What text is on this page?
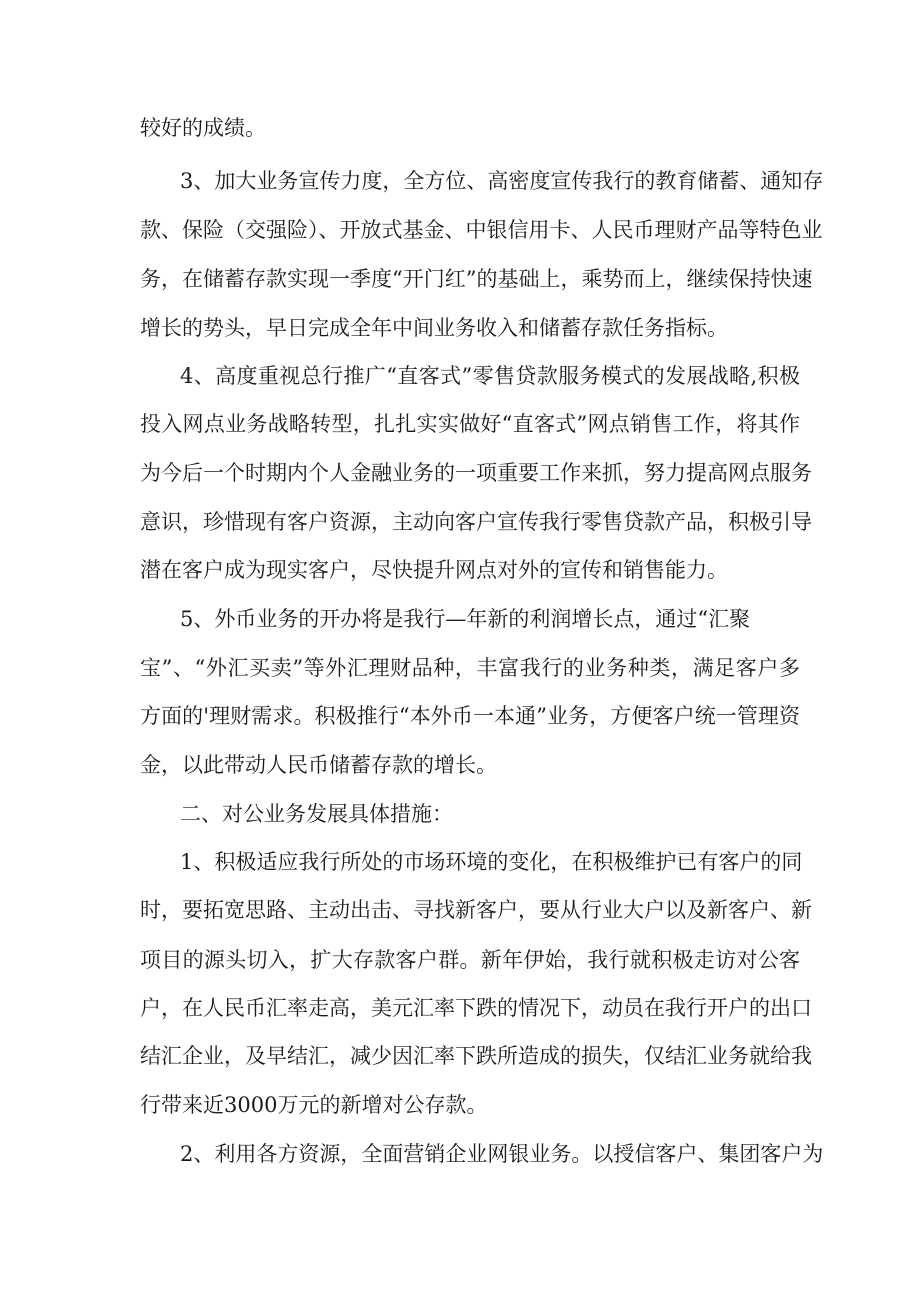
较好的成绩。
3、加大业务宣传力度，全方位、高密度宣传我行的教育储蓄、通知存
款、保险（交强险）、开放式基金、中银信用卡、人民币理财产品等特色业
务，在储蓄存款实现一季度“开门红”的基础上，乘势而上，继续保持快速
增长的势头，早日完成全年中间业务收入和储蓄存款任务指标。
4、高度重视总行推广“直客式”零售贷款服务模式的发展战略,积极
投入网点业务战略转型，扎扎实实做好“直客式”网点销售工作，将其作
为今后一个时期内个人金融业务的一项重要工作来抓，努力提高网点服务
意识，珍惜现有客户资源，主动向客户宣传我行零售贷款产品，积极引导
潜在客户成为现实客户，尽快提升网点对外的宣传和销售能力。
5、外币业务的开办将是我行—年新的利润增长点，通过“汇聚
宝”、“外汇买卖”等外汇理财品种，丰富我行的业务种类，满足客户多
方面的'理财需求。积极推行“本外币一本通”业务，方便客户统一管理资
金，以此带动人民币储蓄存款的增长。
二、对公业务发展具体措施：
1、积极适应我行所处的市场环境的变化，在积极维护已有客户的同
时，要拓宽思路、主动出击、寻找新客户，要从行业大户以及新客户、新
项目的源头切入，扩大存款客户群。新年伊始，我行就积极走访对公客
户，在人民币汇率走高，美元汇率下跌的情况下，动员在我行开户的出口
结汇企业，及早结汇，减少因汇率下跌所造成的损失，仅结汇业务就给我
行带来近3000万元的新增对公存款。
2、利用各方资源，全面营销企业网银业务。以授信客户、集团客户为
